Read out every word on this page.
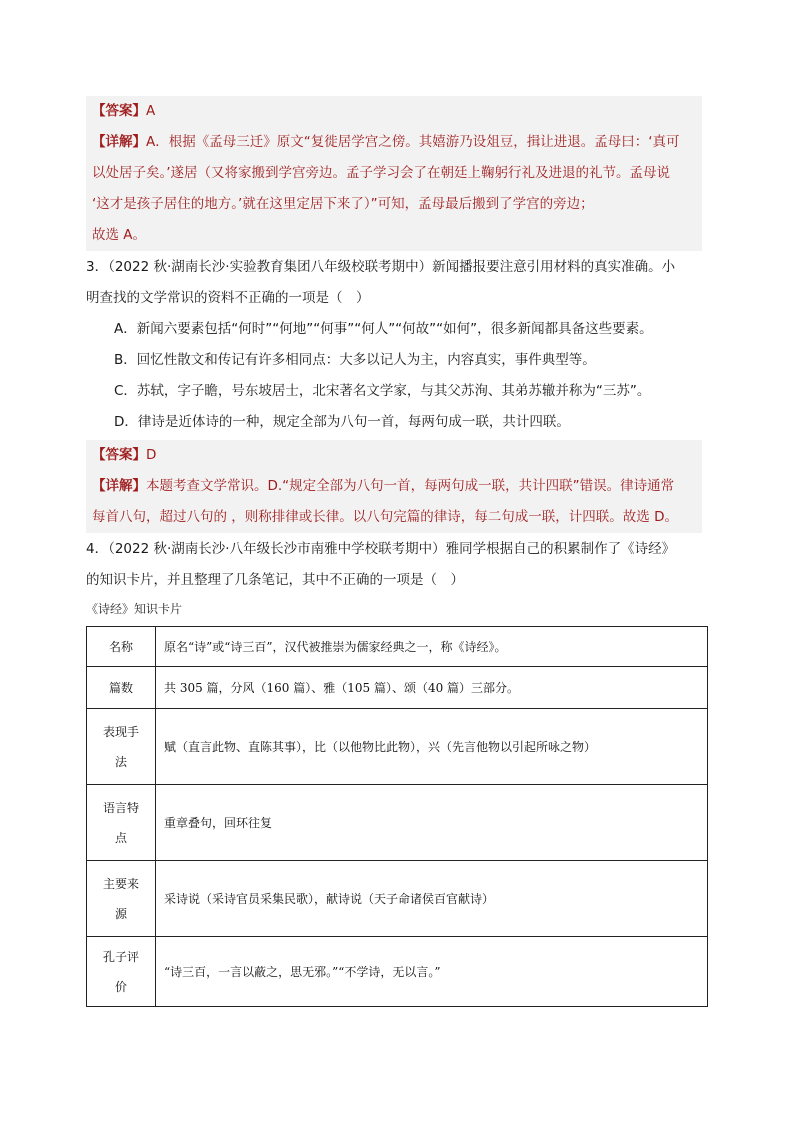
【答案】A
【详解】A．根据《孟母三迁》原文“复徙居学宫之傍。其嬉游乃设俎豆，揖让进退。孟母曰：‘真可
以处居子矣。’遂居（又将家搬到学宫旁边。孟子学习会了在朝廷上鞠躬行礼及进退的礼节。孟母说
‘这才是孩子居住的地方。’就在这里定居下来了）”可知，孟母最后搬到了学宫的旁边；
故选 A。
3．（2022 秋·湖南长沙·实验教育集团八年级校联考期中）新闻播报要注意引用材料的真实准确。小
明查找的文学常识的资料不正确的一项是（　）
A．新闻六要素包括“何时”“何地”“何事”“何人”“何故”“如何”，很多新闻都具备这些要素。
B．回忆性散文和传记有许多相同点：大多以记人为主，内容真实，事件典型等。
C．苏轼，字子瞻，号东坡居士，北宋著名文学家，与其父苏洵、其弟苏辙并称为“三苏”。
D．律诗是近体诗的一种，规定全部为八句一首，每两句成一联，共计四联。
【答案】D
【详解】本题考查文学常识。D.“规定全部为八句一首，每两句成一联，共计四联”错误。律诗通常
每首八句，超过八句的 ，则称排律或长律。以八句完篇的律诗，每二句成一联，计四联。故选 D。
4．（2022 秋·湖南长沙·八年级长沙市南雅中学校联考期中）雅同学根据自己的积累制作了《诗经》
的知识卡片，并且整理了几条笔记，其中不正确的一项是（　）
《诗经》知识卡片
名称	原名“诗”或“诗三百”，汉代被推崇为儒家经典之一，称《诗经》。
篇数	共 305 篇，分风（160 篇）、雅（105 篇）、颂（40 篇）三部分。
表现手
法	赋（直言此物、直陈其事），比（以他物比此物），兴（先言他物以引起所咏之物）
语言特
点	重章叠句，回环往复
主要来
源	采诗说（采诗官员采集民歌），献诗说（天子命诸侯百官献诗）
孔子评
价	“诗三百，一言以蔽之，思无邪。”“不学诗，无以言。”
